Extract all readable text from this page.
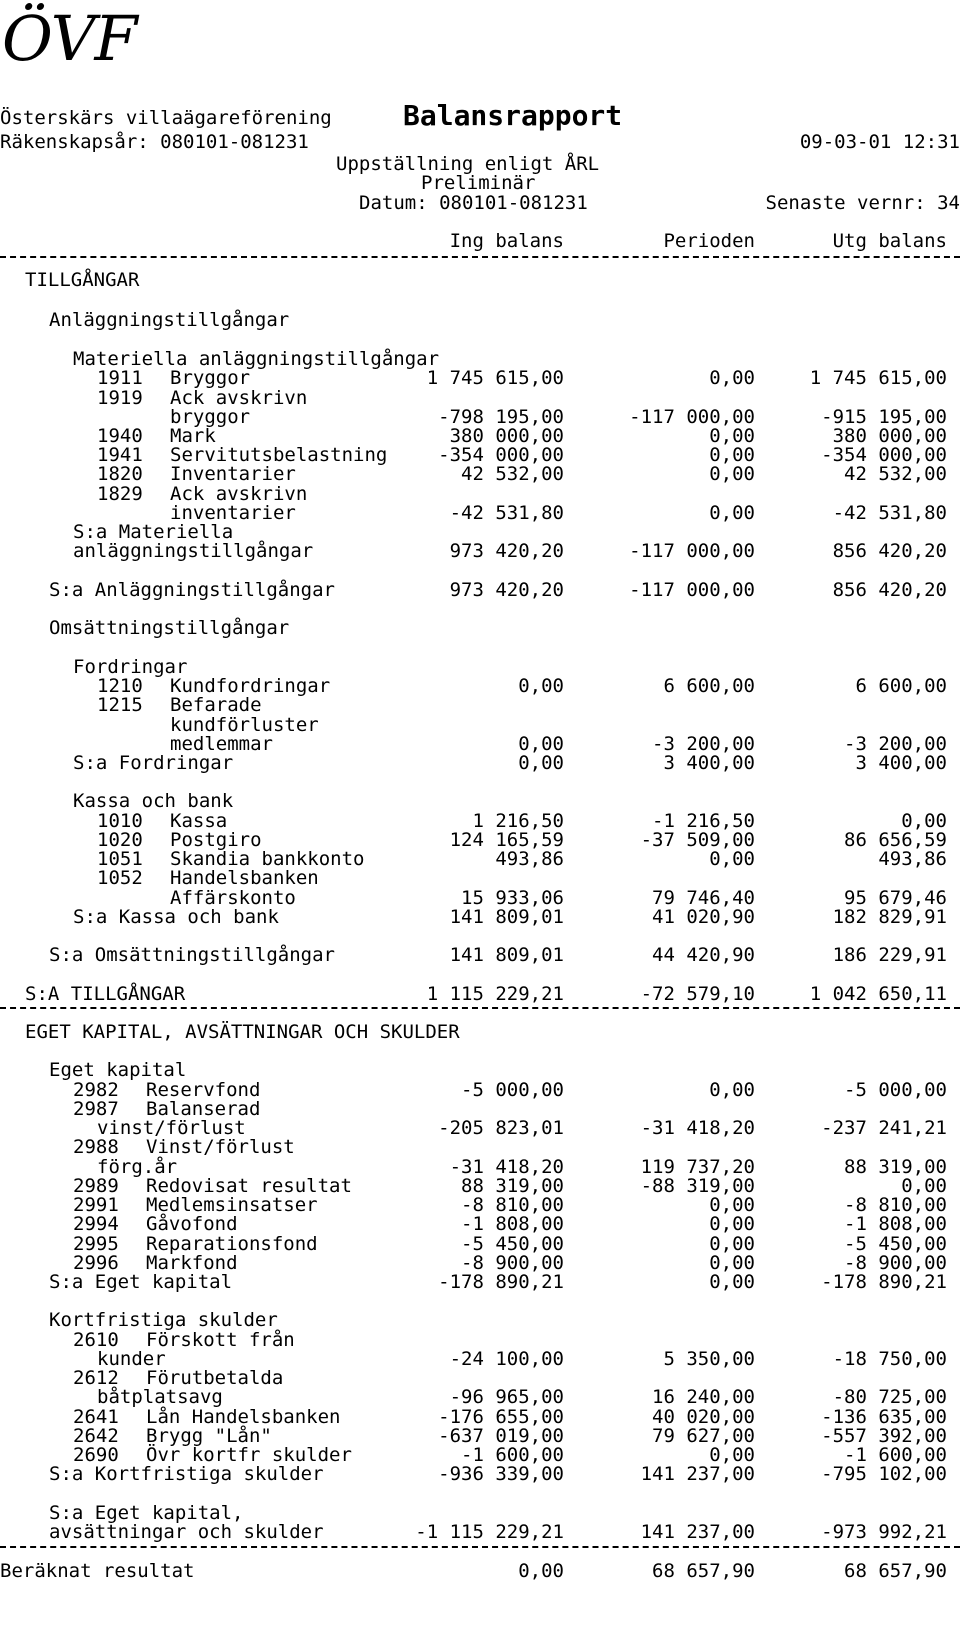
ÖVF
Österskärs villaägareförening	Balansrapport
Räkenskapsår: 080101-081231	09-03-01 12:31
Uppställning enligt ÅRL
Preliminär
Datum: 080101-081231	Senaste vernr: 34
Ing balans	Perioden	Utg balans
TILLGÅNGAR
Anläggningstillgångar
Materiella anläggningstillgångar
1911 Bryggor	1 745 615,00	0,00	1 745 615,00
1919 Ack avskrivn
bryggor	-798 195,00	-117 000,00	-915 195,00
1940 Mark	380 000,00	0,00	380 000,00
1941 Servitutsbelastning	-354 000,00	0,00	-354 000,00
1820 Inventarier	42 532,00	0,00	42 532,00
1829 Ack avskrivn
inventarier	-42 531,80	0,00	-42 531,80
S:a Materiella
anläggningstillgångar	973 420,20	-117 000,00	856 420,20
S:a Anläggningstillgångar	973 420,20	-117 000,00	856 420,20
Omsättningstillgångar
Fordringar
1210 Kundfordringar	0,00	6 600,00	6 600,00
1215 Befarade
kundförluster
medlemmar	0,00	-3 200,00	-3 200,00
S:a Fordringar	0,00	3 400,00	3 400,00
Kassa och bank
1010 Kassa	1 216,50	-1 216,50	0,00
1020 Postgiro	124 165,59	-37 509,00	86 656,59
1051 Skandia bankkonto	493,86	0,00	493,86
1052 Handelsbanken
Affärskonto	15 933,06	79 746,40	95 679,46
S:a Kassa och bank	141 809,01	41 020,90	182 829,91
S:a Omsättningstillgångar	141 809,01	44 420,90	186 229,91
S:A TILLGÅNGAR	1 115 229,21	-72 579,10	1 042 650,11
EGET KAPITAL, AVSÄTTNINGAR OCH SKULDER
Eget kapital
2982 Reservfond	-5 000,00	0,00	-5 000,00
2987 Balanserad
vinst/förlust	-205 823,01	-31 418,20	-237 241,21
2988 Vinst/förlust
förg.år	-31 418,20	119 737,20	88 319,00
2989 Redovisat resultat	88 319,00	-88 319,00	0,00
2991 Medlemsinsatser	-8 810,00	0,00	-8 810,00
2994 Gåvofond	-1 808,00	0,00	-1 808,00
2995 Reparationsfond	-5 450,00	0,00	-5 450,00
2996 Markfond	-8 900,00	0,00	-8 900,00
S:a Eget kapital	-178 890,21	0,00	-178 890,21
Kortfristiga skulder
2610 Förskott från
kunder	-24 100,00	5 350,00	-18 750,00
2612 Förutbetalda
båtplatsavg	-96 965,00	16 240,00	-80 725,00
2641 Lån Handelsbanken	-176 655,00	40 020,00	-136 635,00
2642 Brygg "Lån"	-637 019,00	79 627,00	-557 392,00
2690 Övr kortfr skulder	-1 600,00	0,00	-1 600,00
S:a Kortfristiga skulder	-936 339,00	141 237,00	-795 102,00
S:a Eget kapital,
avsättningar och skulder	-1 115 229,21	141 237,00	-973 992,21
Beräknat resultat	0,00	68 657,90	68 657,90
